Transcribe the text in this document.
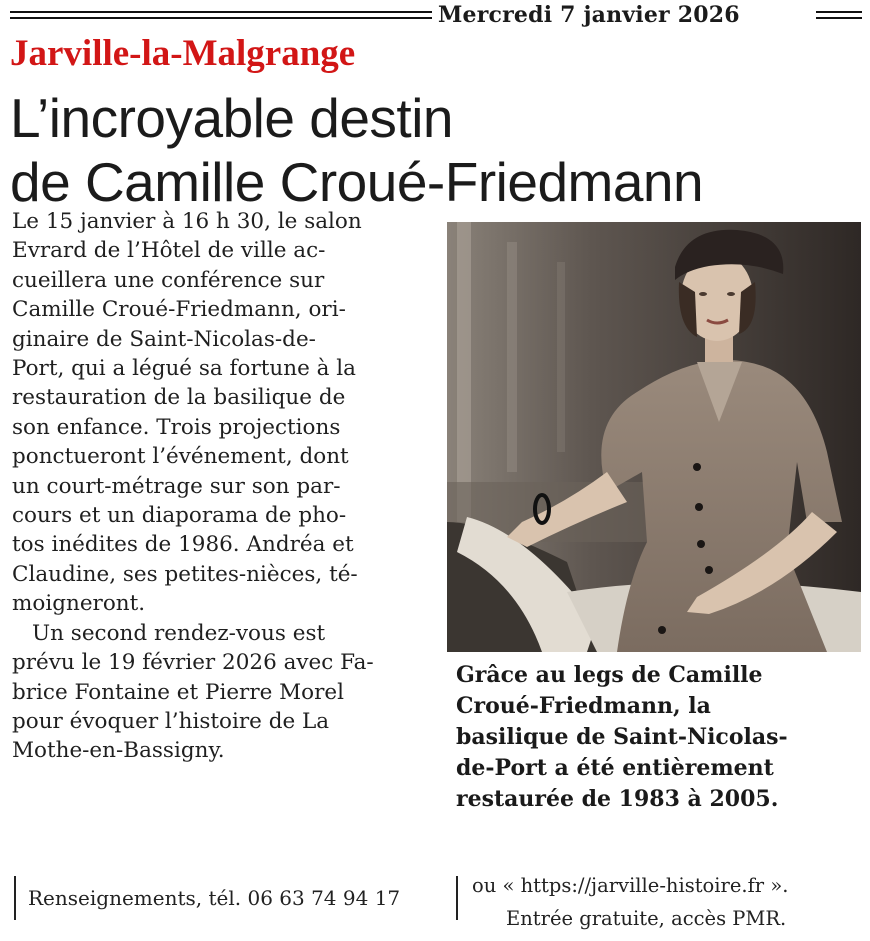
Mercredi 7 janvier 2026
Jarville-la-Malgrange
L’incroyable destin
de Camille Croué-Friedmann
Le 15 janvier à 16 h 30, le salon
Evrard de l’Hôtel de ville ac-
cueillera une conférence sur
Camille Croué-Friedmann, ori-
ginaire de Saint-Nicolas-de-
Port, qui a légué sa fortune à la
restauration de la basilique de
son enfance. Trois projections
ponctueront l’événement, dont
un court-métrage sur son par-
cours et un diaporama de pho-
tos inédites de 1986. Andréa et
Claudine, ses petites-nièces, té-
moigneront.
Un second rendez-vous est
prévu le 19 février 2026 avec Fa-
brice Fontaine et Pierre Morel
pour évoquer l’histoire de La
Mothe-en-Bassigny.
Grâce au legs de Camille
Croué-Friedmann, la
basilique de Saint-Nicolas-
de-Port a été entièrement
restaurée de 1983 à 2005.
Renseignements, tél. 06 63 74 94 17
ou « https://jarville-histoire.fr ».
Entrée gratuite, accès PMR.
